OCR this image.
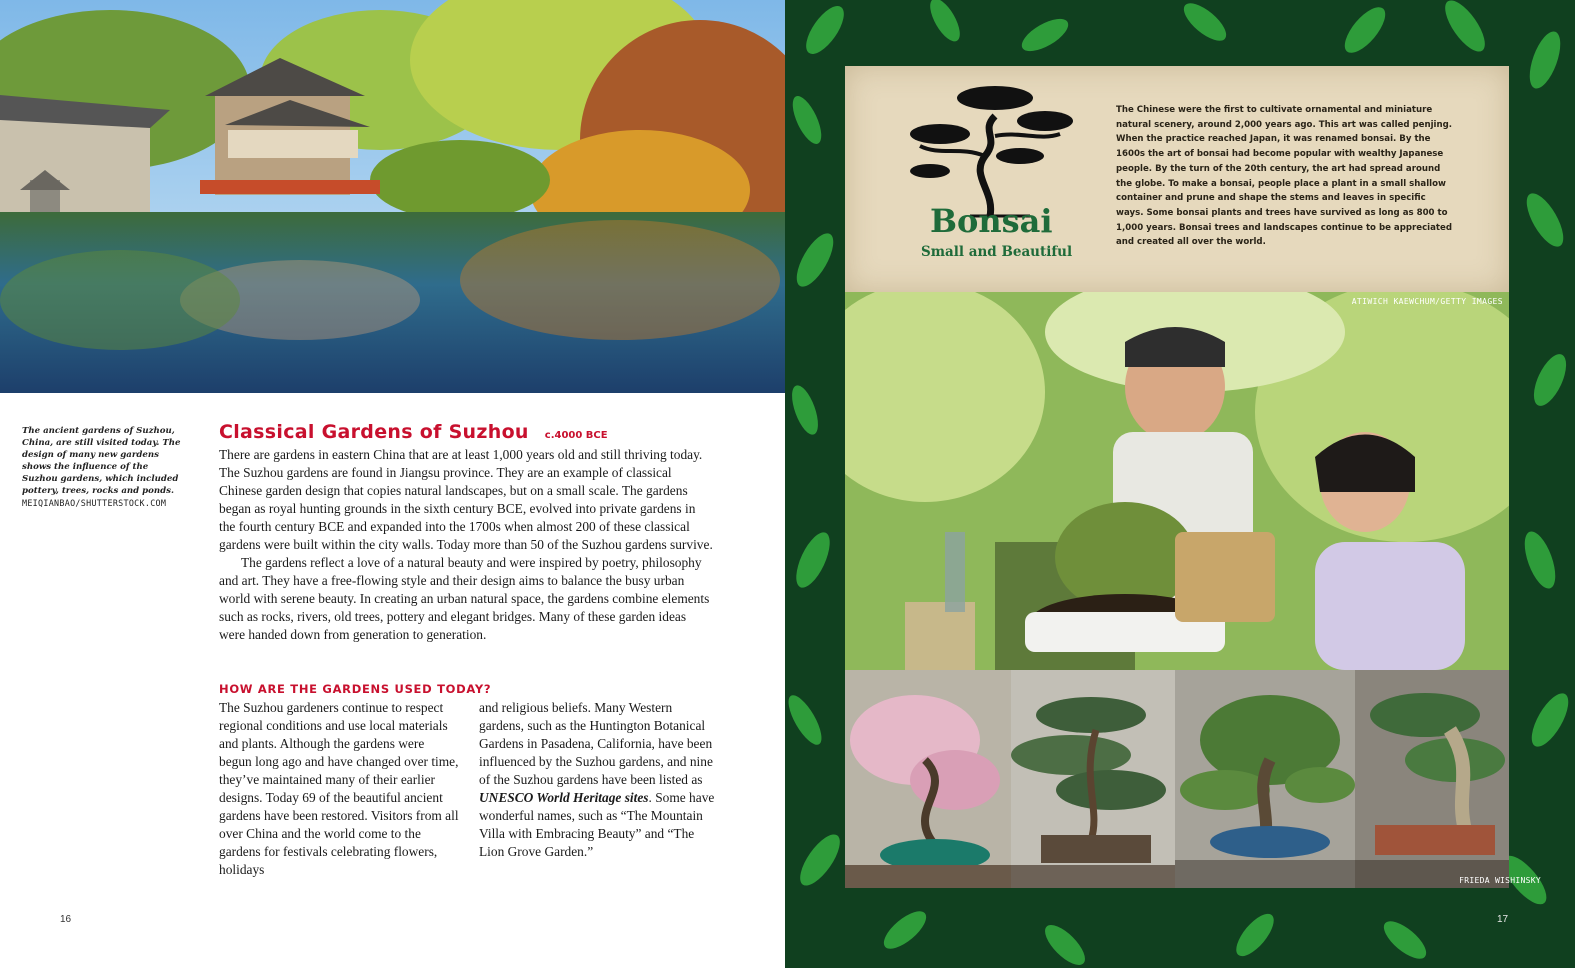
The ancient gardens of Suzhou, China, are still visited today. The design of many new gardens shows the influence of the Suzhou gardens, which included pottery, trees, rocks and ponds.
MEIQIANBAO/SHUTTERSTOCK.COM
Classical Gardens of Suzhou c.4000 BCE

There are gardens in eastern China that are at least 1,000 years old and still thriving today. The Suzhou gardens are found in Jiangsu province. They are an example of classical Chinese garden design that copies natural landscapes, but on a small scale. The gardens began as royal hunting grounds in the sixth century BCE, evolved into private gardens in the fourth century BCE and expanded into the 1700s when almost 200 of these classical gardens were built within the city walls. Today more than 50 of the Suzhou gardens survive.

The gardens reflect a love of a natural beauty and were inspired by poetry, philosophy and art. They have a free-flowing style and their design aims to balance the busy urban world with serene beauty. In creating an urban natural space, the gardens combine elements such as rocks, rivers, old trees, pottery and elegant bridges. Many of these garden ideas were handed down from generation to generation.

HOW ARE THE GARDENS USED TODAY?

The Suzhou gardeners continue to respect regional conditions and use local materials and plants. Although the gardens were begun long ago and have changed over time, they’ve maintained many of their earlier designs. Today 69 of the beautiful ancient gardens have been restored. Visitors from all over China and the world come to the gardens for festivals celebrating flowers, holidays

and religious beliefs. Many Western gardens, such as the Huntington Botanical Gardens in Pasadena, California, have been influenced by the Suzhou gardens, and nine of the Suzhou gardens have been listed as UNESCO World Heritage sites. Some have wonderful names, such as “The Mountain Villa with Embracing Beauty” and “The Lion Grove Garden.”

16
Bonsai
Small and Beautiful

The Chinese were the first to cultivate ornamental and miniature natural scenery, around 2,000 years ago. This art was called penjing. When the practice reached Japan, it was renamed bonsai. By the 1600s the art of bonsai had become popular with wealthy Japanese people. By the turn of the 20th century, the art had spread around the globe. To make a bonsai, people place a plant in a small shallow container and prune and shape the stems and leaves in specific ways. Some bonsai plants and trees have survived as long as 800 to 1,000 years. Bonsai trees and landscapes continue to be appreciated and created all over the world.

ATIWICH KAEWCHUM/GETTY IMAGES
FRIEDA WISHINSKY
17
